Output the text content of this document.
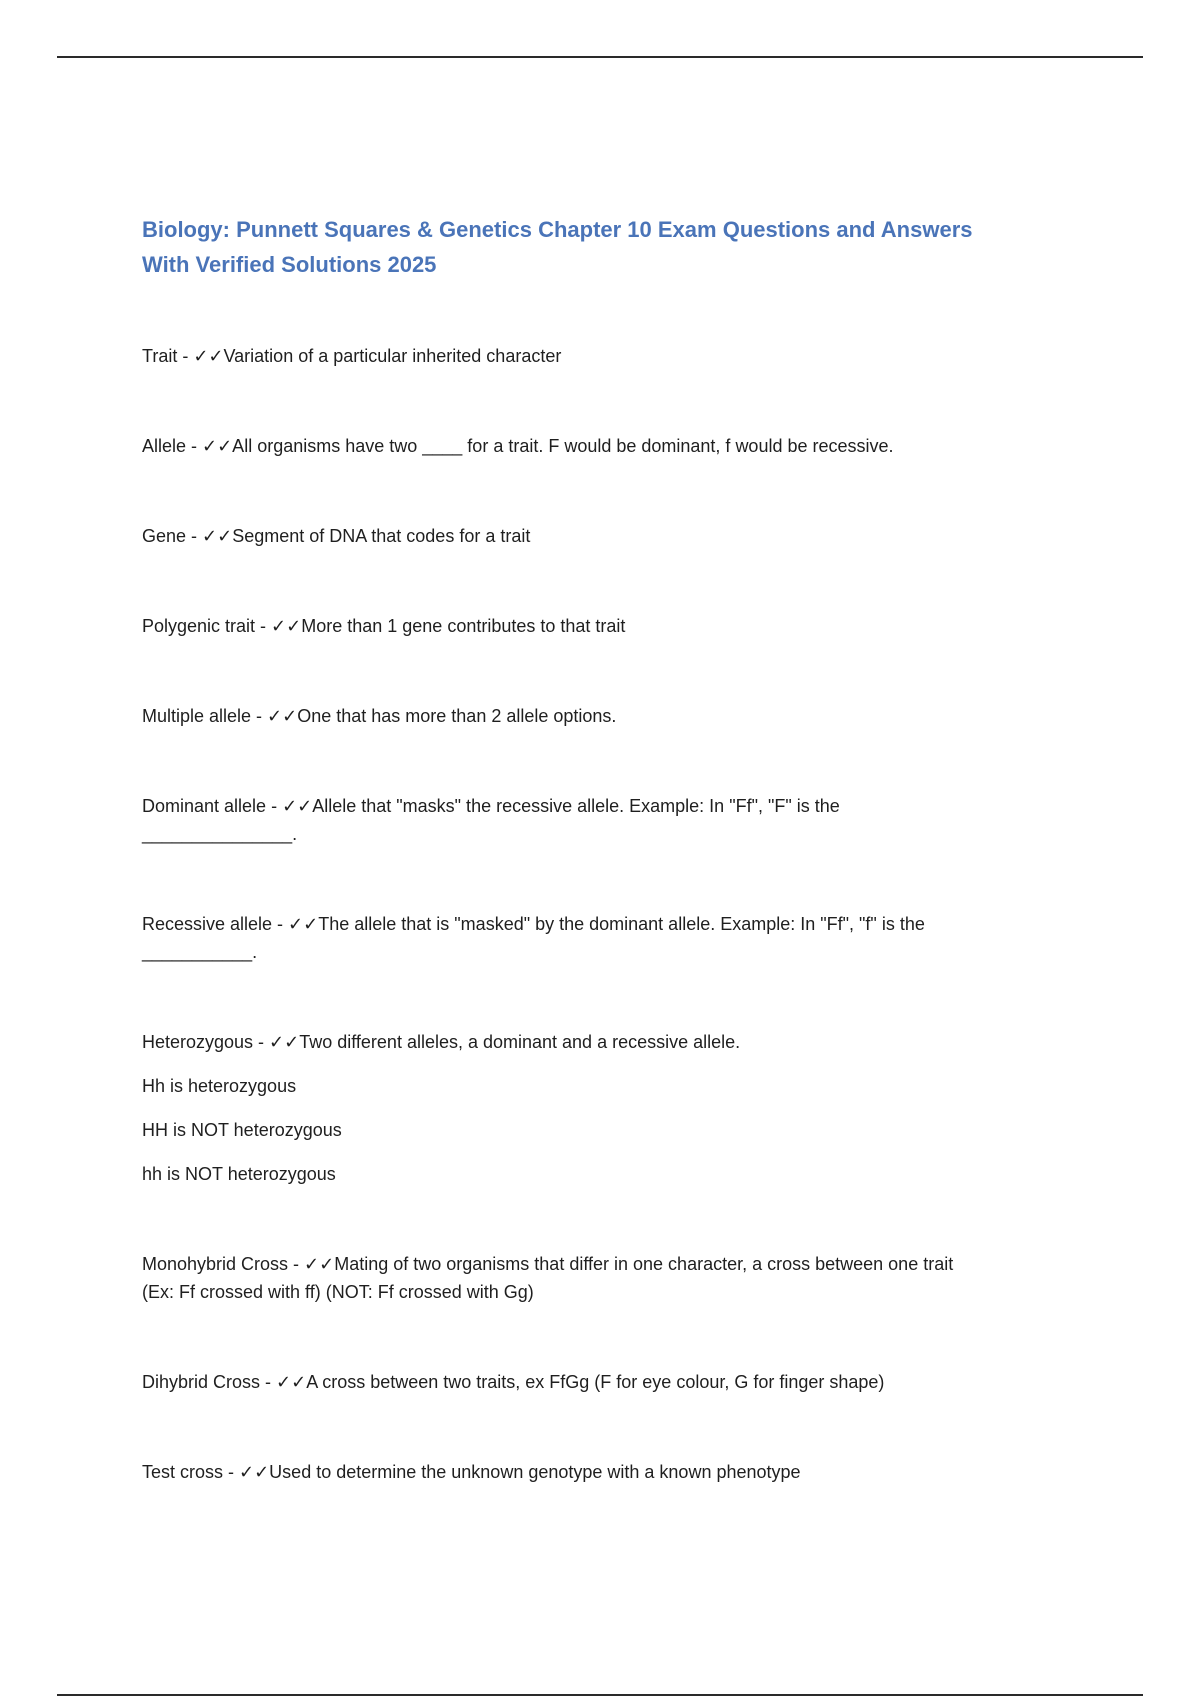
Biology: Punnett Squares & Genetics Chapter 10 Exam Questions and Answers
With Verified Solutions 2025
Trait - ✓✓Variation of a particular inherited character
Allele - ✓✓All organisms have two ____ for a trait. F would be dominant, f would be recessive.
Gene - ✓✓Segment of DNA that codes for a trait
Polygenic trait - ✓✓More than 1 gene contributes to that trait
Multiple allele - ✓✓One that has more than 2 allele options.
Dominant allele - ✓✓Allele that "masks" the recessive allele. Example: In "Ff", "F" is the
_______________.
Recessive allele - ✓✓The allele that is "masked" by the dominant allele. Example: In "Ff", "f" is the
___________.
Heterozygous - ✓✓Two different alleles, a dominant and a recessive allele.
Hh is heterozygous
HH is NOT heterozygous
hh is NOT heterozygous
Monohybrid Cross - ✓✓Mating of two organisms that differ in one character, a cross between one trait
(Ex: Ff crossed with ff) (NOT: Ff crossed with Gg)
Dihybrid Cross - ✓✓A cross between two traits, ex FfGg (F for eye colour, G for finger shape)
Test cross - ✓✓Used to determine the unknown genotype with a known phenotype
